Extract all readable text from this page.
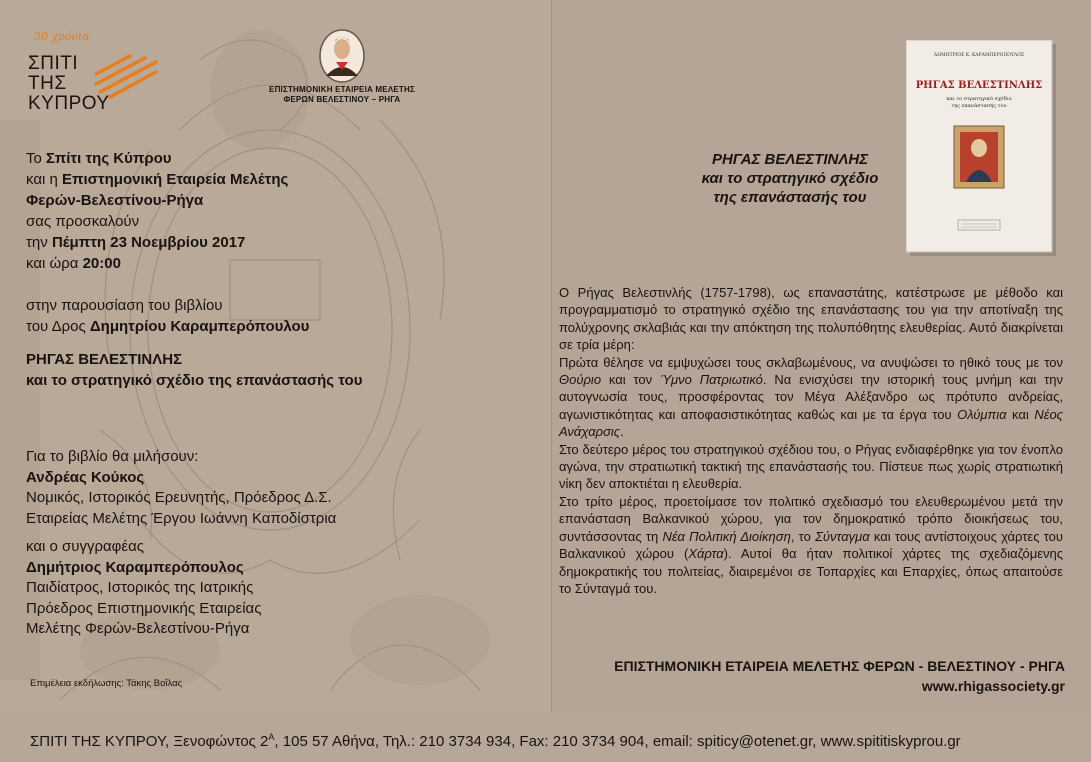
30 χρόνια
ΣΠΙΤΙ
ΤΗΣ
ΚΥΠΡΟΥ
ΕΠΙΣΤΗΜΟΝΙΚΗ ΕΤΑΙΡΕΙΑ ΜΕΛΕΤΗΣ
ΦΕΡΩΝ ΒΕΛΕΣΤΙΝΟΥ – ΡΗΓΑ
Το Σπίτι της Κύπρου
και η Επιστημονική Εταιρεία Μελέτης
Φερών-Βελεστίνου-Ρήγα
σας προσκαλούν
την Πέμπτη 23 Νοεμβρίου 2017
και ώρα 20:00
στην παρουσίαση του βιβλίου
του Δρος Δημητρίου Καραμπερόπουλου
ΡΗΓΑΣ ΒΕΛΕΣΤΙΝΛΗΣ
και το στρατηγικό σχέδιο της επανάστασής του
Για το βιβλίο θα μιλήσουν:
Ανδρέας Κούκος
Νομικός, Ιστορικός Ερευνητής, Πρόεδρος Δ.Σ.
Εταιρείας Μελέτης Έργου Ιωάννη Καποδίστρια
και ο συγγραφέας
Δημήτριος Καραμπερόπουλος
Παιδίατρος, Ιστορικός της Ιατρικής
Πρόεδρος Επιστημονικής Εταιρείας
Μελέτης Φερών-Βελεστίνου-Ρήγα
Επιμέλεια εκδήλωσης: Τάκης Βοΐλας
ΔΗΜΗΤΡΙΟΣ Κ. ΚΑΡΑΜΠΕΡΟΠΟΥΛΟΣ
ΡΗΓΑΣ ΒΕΛΕΣΤΙΝΛΗΣ
και το στρατηγικό σχέδιο
της επανάστασής του
ΡΗΓΑΣ ΒΕΛΕΣΤΙΝΛΗΣ
και το στρατηγικό σχέδιο
της επανάστασής του

Ο Ρήγας Βελεστινλής (1757-1798), ως επαναστάτης, κατέστρωσε με μέθοδο και προγραμματισμό το στρατηγικό σχέδιο της επανάστασης του για την αποτίναξη της πολύχρονης σκλαβιάς και την απόκτηση της πολυπόθητης ελευθερίας. Αυτό διακρίνεται σε τρία μέρη:

Πρώτα θέλησε να εμψυχώσει τους σκλαβωμένους, να ανυψώσει το ηθικό τους με τον Θούριο και τον Ύμνο Πατριωτικό. Να ενισχύσει την ιστορική τους μνήμη και την αυτογνωσία τους, προσφέροντας τον Μέγα Αλέξανδρο ως πρότυπο ανδρείας, αγωνιστικότητας και αποφασιστικότητας καθώς και με τα έργα του Ολύμπια και Νέος Ανάχαρσις.

Στο δεύτερο μέρος του στρατηγικού σχέδιου του, ο Ρήγας ενδιαφέρθηκε για τον ένοπλο αγώνα, την στρατιωτική τακτική της επανάστασής του. Πίστευε πως χωρίς στρατιωτική νίκη δεν αποκτιέται η ελευθερία.

Στο τρίτο μέρος, προετοίμασε τον πολιτικό σχεδιασμό του ελευθερωμένου μετά την επανάσταση Βαλκανικού χώρου, για τον δημοκρατικό τρόπο διοικήσεως του, συντάσσοντας τη Νέα Πολιτική Διοίκηση, το Σύνταγμα και τους αντίστοιχους χάρτες του Βαλκανικού χώρου (Χάρτα). Αυτοί θα ήταν πολιτικοί χάρτες της σχεδιαζόμενης δημοκρατικής του πολιτείας, διαιρεμένοι σε Τοπαρχίες και Επαρχίες, όπως απαιτούσε το Σύνταγμά του.

ΕΠΙΣΤΗΜΟΝΙΚΗ ΕΤΑΙΡΕΙΑ ΜΕΛΕΤΗΣ ΦΕΡΩΝ - ΒΕΛΕΣΤΙΝΟΥ - ΡΗΓΑ
www.rhigassociety.gr
ΣΠΙΤΙ ΤΗΣ ΚΥΠΡΟΥ, Ξενοφώντος $2^A$, 105 57 Αθήνα, Τηλ.: 210 3734 934, Fax: 210 3734 904, email: spiticy@otenet.gr, www.spititiskyprou.gr
